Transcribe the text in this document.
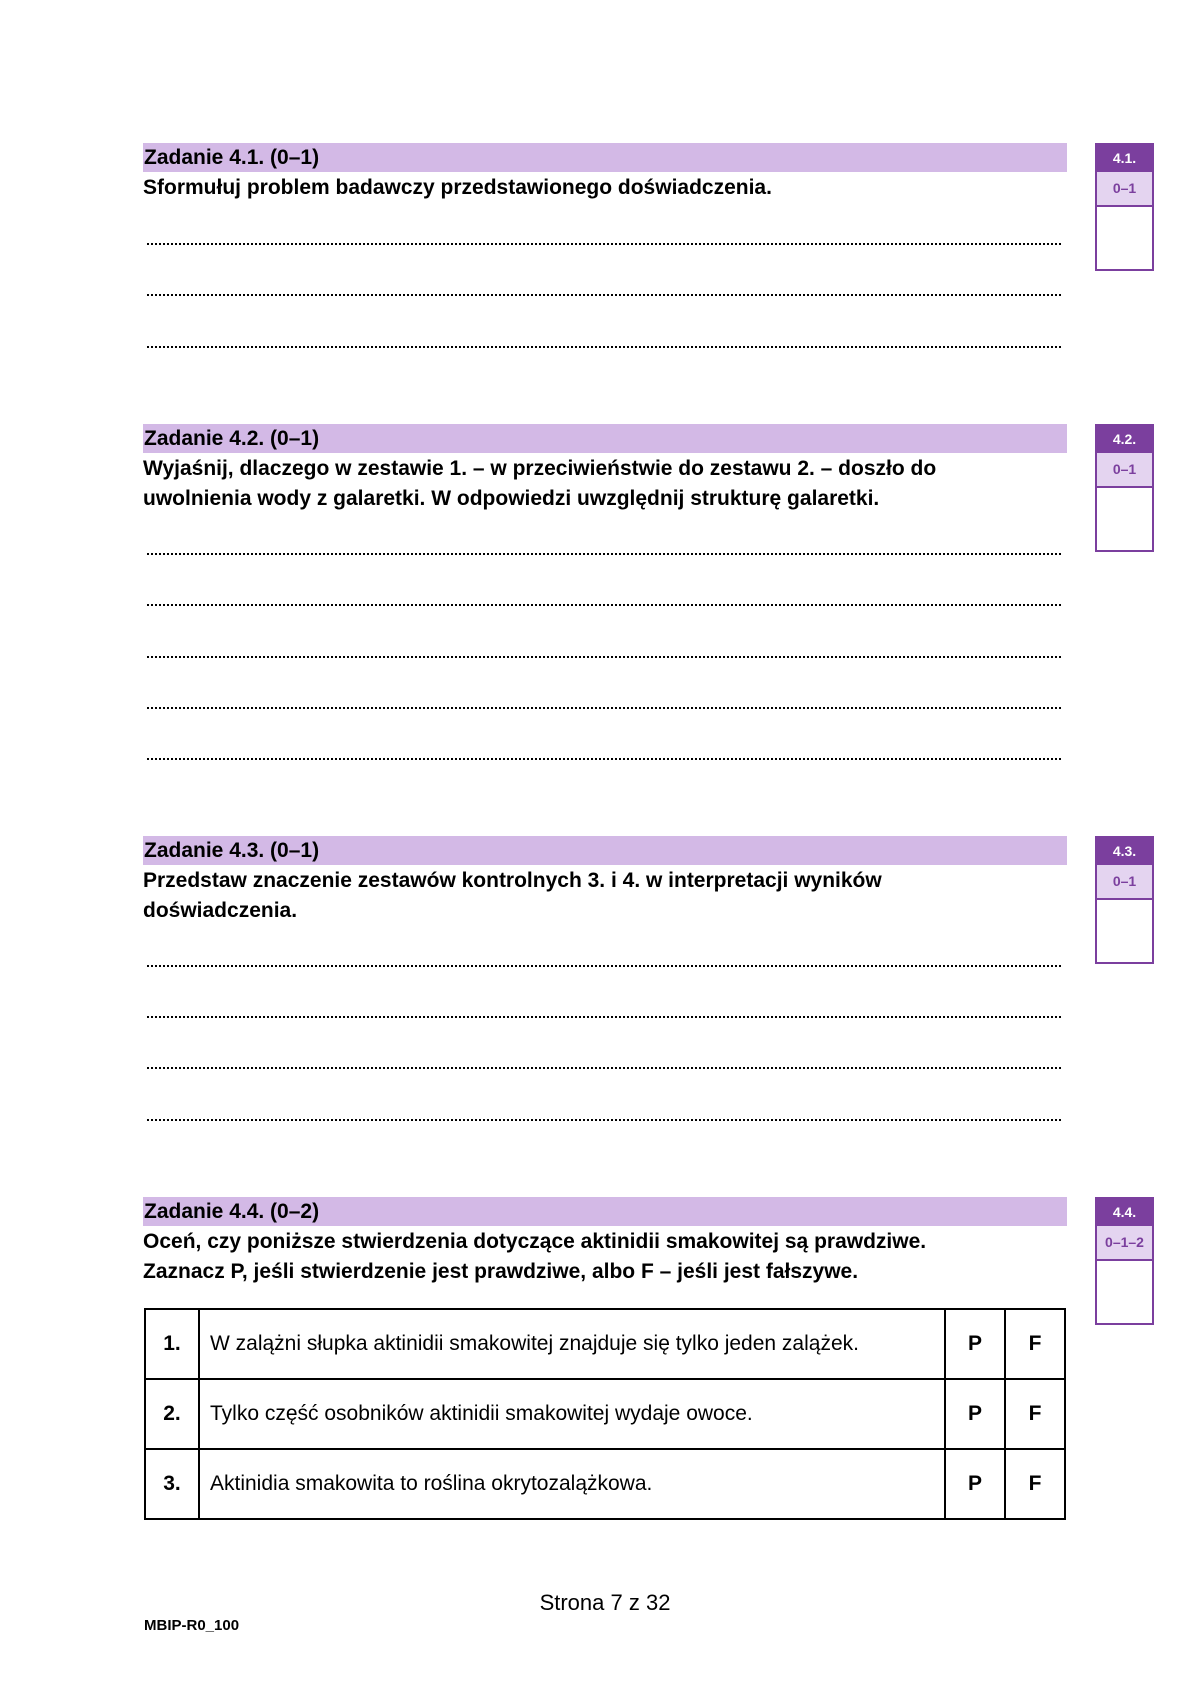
Zadanie 4.1. (0–1)
Sformułuj problem badawczy przedstawionego doświadczenia.
4.1.
0–1
Zadanie 4.2. (0–1)
Wyjaśnij, dlaczego w zestawie 1. – w przeciwieństwie do zestawu 2. – doszło do
uwolnienia wody z galaretki. W odpowiedzi uwzględnij strukturę galaretki.
4.2.
0–1
Zadanie 4.3. (0–1)
Przedstaw znaczenie zestawów kontrolnych 3. i 4. w interpretacji wyników
doświadczenia.
4.3.
0–1
Zadanie 4.4. (0–2)
Oceń, czy poniższe stwierdzenia dotyczące aktinidii smakowitej są prawdziwe.
Zaznacz P, jeśli stwierdzenie jest prawdziwe, albo F – jeśli jest fałszywe.
4.4.
0–1–2
1.	W zalążni słupka aktinidii smakowitej znajduje się tylko jeden zalążek.	P	F
2.	Tylko część osobników aktinidii smakowitej wydaje owoce.	P	F
3.	Aktinidia smakowita to roślina okrytozalążkowa.	P	F
Strona 7 z 32
MBIP-R0_100
